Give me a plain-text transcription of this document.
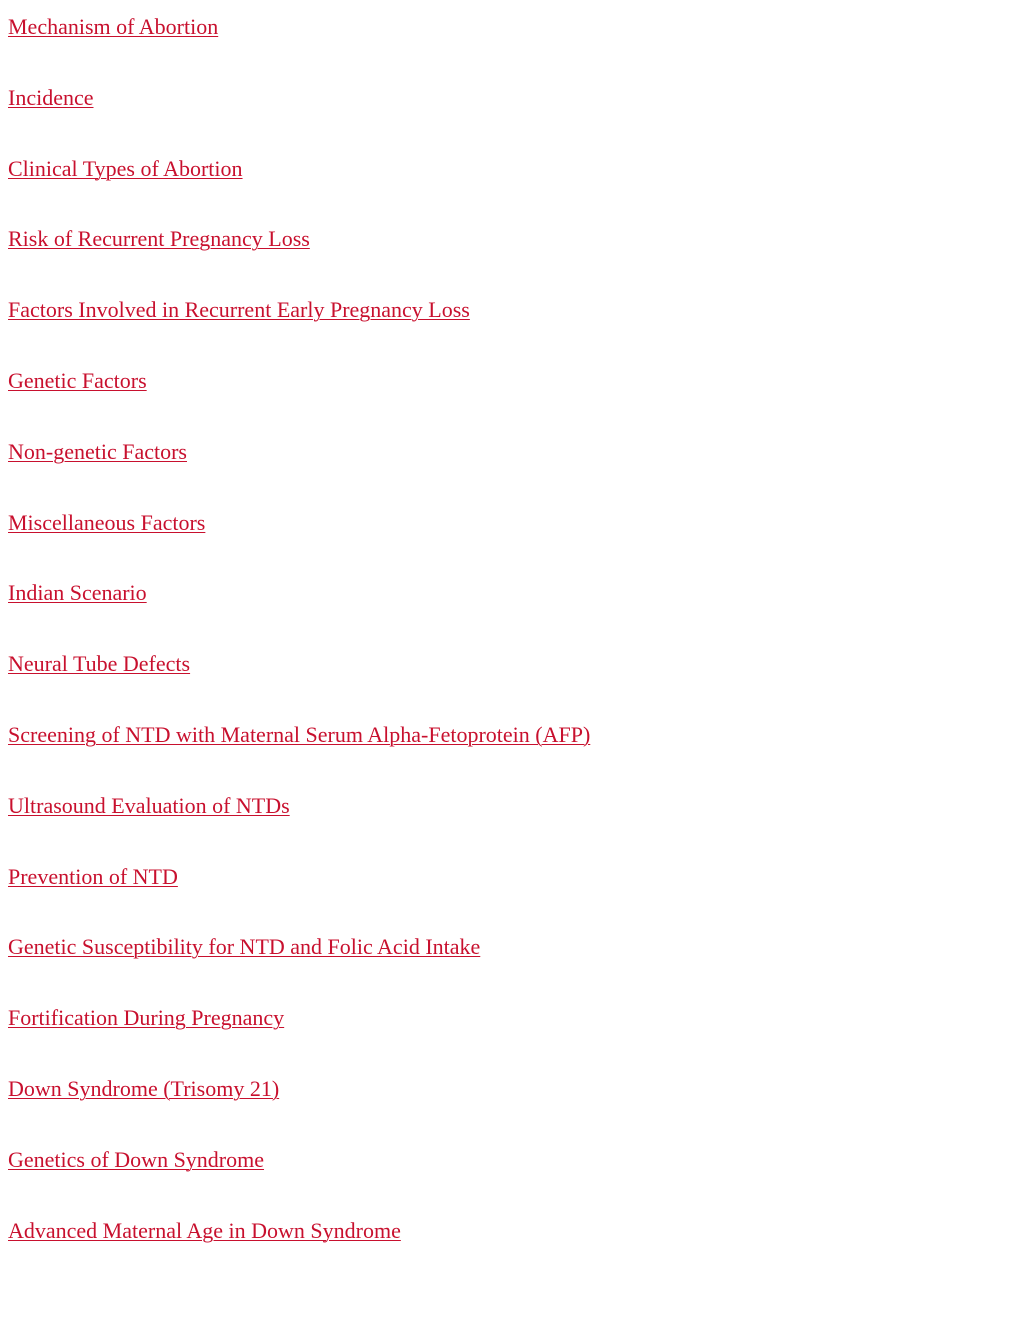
Mechanism of Abortion
Incidence
Clinical Types of Abortion
Risk of Recurrent Pregnancy Loss
Factors Involved in Recurrent Early Pregnancy Loss
Genetic Factors
Non-genetic Factors
Miscellaneous Factors
Indian Scenario
Neural Tube Defects
Screening of NTD with Maternal Serum Alpha-Fetoprotein (AFP)
Ultrasound Evaluation of NTDs
Prevention of NTD
Genetic Susceptibility for NTD and Folic Acid Intake
Fortification During Pregnancy
Down Syndrome (Trisomy 21)
Genetics of Down Syndrome
Advanced Maternal Age in Down Syndrome
